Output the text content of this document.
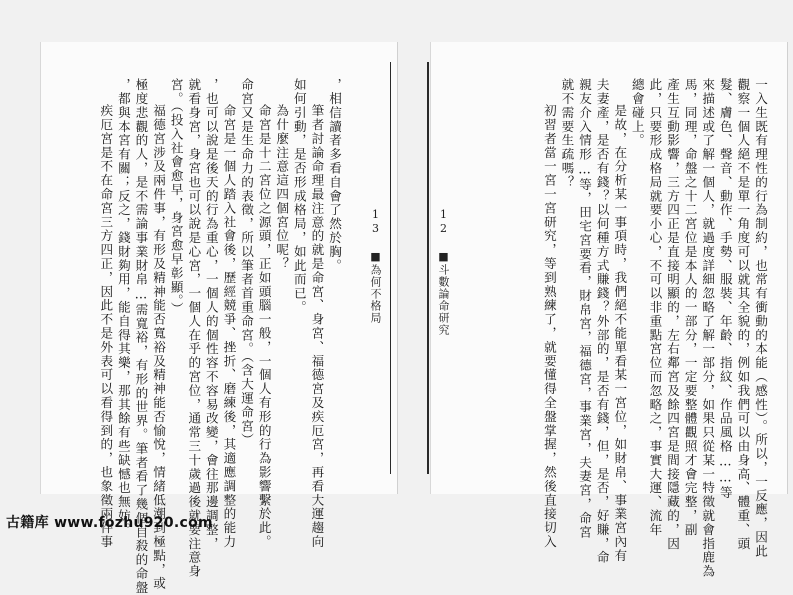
13 ■為何不格局

，相信讀者多看自會了然於胸。

筆者討論命理最注意的就是命宮、身宮、福德宮及疾厄宮，再看大運趨向

如何引動，是否形成格局，如此而已。

為什麼注意這四個宮位呢？

命宮是十二宮位之源頭，正如頭腦一般，一個人有形的行為影響繫於此。

命宮又是生命力的表徵，所以筆者首重命宮。（含大運命宮）

命宮是一個人踏入社會後，歷經競爭、挫折、磨練後，其適應調整的能力

，也可以說是後天的行為重心，一個人的個性容不容易改變，會往那邊調整，

就看身宮，身宮也可以說是心宮，一個人在乎的宮位，通常三十歲過後就要注意身

宮。（投入社會愈早，身宮愈早彰顯。）

福德宮涉及兩件事，有形及精神能否寬裕及精神能否愉悅，情緒低潮到極點，或

極度悲觀的人，是不需論事業財帛…需寬裕，有形的世界。筆者看了幾個自殺的命盤

，都與本宮有關；反之，錢財夠用，能自得其樂，那其餘有些缺憾也無妨。

疾厄宮是不在命宮三方四正，因此不是外表可以看得到的，也象徵兩件事	12 ■斗數論命研究	一入生既有理性的行為制約，也常有衝動的本能（感性）。所以，一反應，因此

觀察一個人絕不是單一角度可以就其全貌的，例如我們可以由身高、體重、頭

髮、膚色、聲音、動作、手勢、服裝、年齡、指紋、作品風格……等

來描述或了解一個人，就過度詳細忽略了解一部分，如果只從某一特徵就會指鹿為

馬，同理，命盤之十二宮位是本人的一部分，一定要整體觀照才會完整，副

產生互動影響，三方四正是直接明顯的，左右鄰宮及餘四宮是間接隱藏的，因

此，只要形成格局就要小心，不可以非重點宮位而忽略之，事實大運、流年

總會碰上。

是故，在分析某一事項時，我們絕不能單看某一宮位，如財帛、事業宮內有

夫妻產，是否有錢？以何種方式賺錢？外部的，是否有錢，但，是否，好賺，命

親友介入情形…等，田宅宮要看，財帛宮，福德宮，事業宮，夫妻宮，命宮

就不需要生疏嗎？

初習者當一宮一宮研究，等到熟練了，就要懂得全盤掌握，然後直接切入

古籍库 www.fozhu920.com
